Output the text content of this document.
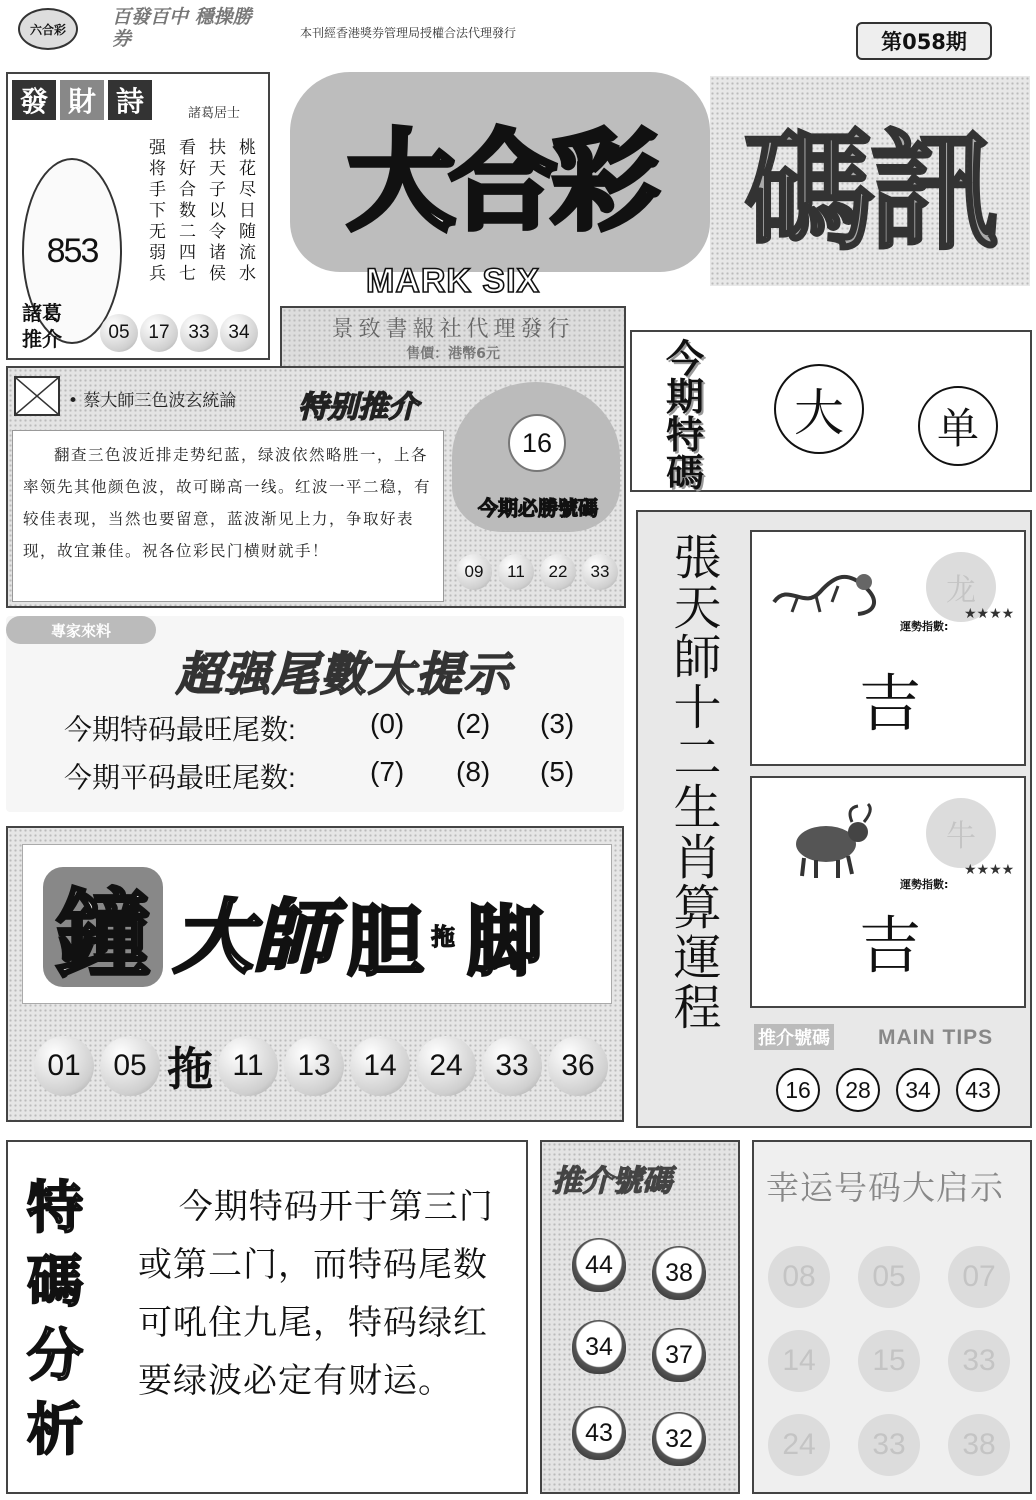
六合彩
百發百中 穩操勝券	本刊經香港獎券管理局授權合法代理發行	第058期
發 財 詩	諸葛居士
853	桃花尽日随流水
扶天子以令诸侯
看好合数二四七
强将手下无弱兵
諸葛推介	05 17 33 34
大合彩 碼訊
MARK SIX
景致書報社代理發行
售價：港幣6元	今期特碼
大	单
• 蔡大師三色波玄統論 特别推介

翻查三色波近排走势纪蓝，绿波依然略胜一，上各率领先其他颜色波，故可睇高一线。红波一平二稳，有较佳表现，当然也要留意，蓝波渐见上力，争取好表现，故宜兼佳。祝各位彩民门横财就手！

16
今期必勝號碼
09	11	22	33
專家來料
超强尾數大提示
今期特码最旺尾数:	(0) (2) (3)
今期平码最旺尾数:	(7) (8) (5)
鐘 大師 胆 拖 脚
01	05 拖 11	13	14	24	33	36
張天師十二生肖算運程	龙
運勢指數:
★★★★
吉
牛
運勢指數:
★★★★
吉
推介號碼 MAIN TIPS
16	28	34	43
特
碼
分
析

今期特码开于第三门或第二门，而特码尾数可吼住九尾，特码绿红要绿波必定有财运。

推介號碼
44	38
34	37
43	32
幸运号码大启示
08	05	07
14	15	33
24	33	38
